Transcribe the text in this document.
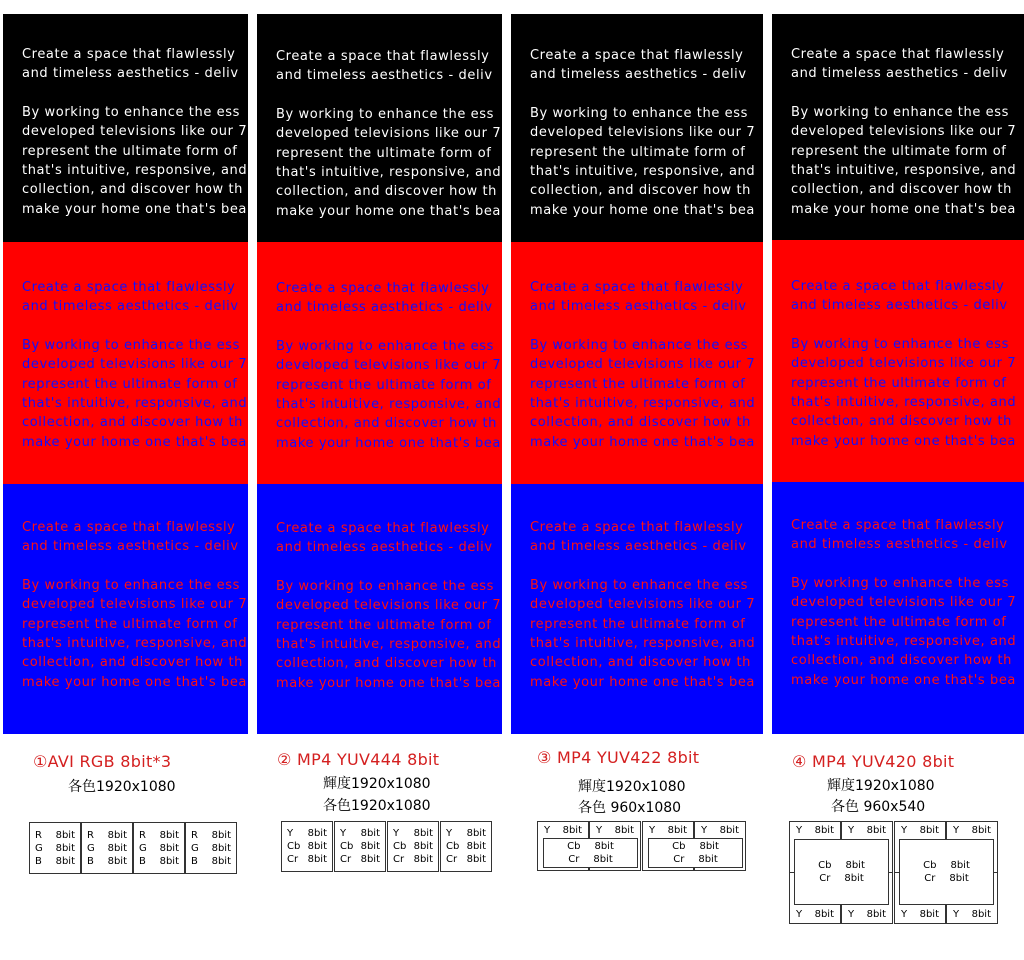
Create a space that flawlessly

and timeless aesthetics - deliv

By working to enhance the ess

developed televisions like our 7

represent the ultimate form of

that's intuitive, responsive, and

collection, and discover how th

make your home one that's bea

Create a space that flawlessly

and timeless aesthetics - deliv

By working to enhance the ess

developed televisions like our 7

represent the ultimate form of

that's intuitive, responsive, and

collection, and discover how th

make your home one that's bea

Create a space that flawlessly

and timeless aesthetics - deliv

By working to enhance the ess

developed televisions like our 7

represent the ultimate form of

that's intuitive, responsive, and

collection, and discover how th

make your home one that's bea

Create a space that flawlessly

and timeless aesthetics - deliv

By working to enhance the ess

developed televisions like our 7

represent the ultimate form of

that's intuitive, responsive, and

collection, and discover how th

make your home one that's bea

Create a space that flawlessly

and timeless aesthetics - deliv

By working to enhance the ess

developed televisions like our 7

represent the ultimate form of

that's intuitive, responsive, and

collection, and discover how th

make your home one that's bea

Create a space that flawlessly

and timeless aesthetics - deliv

By working to enhance the ess

developed televisions like our 7

represent the ultimate form of

that's intuitive, responsive, and

collection, and discover how th

make your home one that's bea

Create a space that flawlessly

and timeless aesthetics - deliv

By working to enhance the ess

developed televisions like our 7

represent the ultimate form of

that's intuitive, responsive, and

collection, and discover how th

make your home one that's bea

Create a space that flawlessly

and timeless aesthetics - deliv

By working to enhance the ess

developed televisions like our 7

represent the ultimate form of

that's intuitive, responsive, and

collection, and discover how th

make your home one that's bea

Create a space that flawlessly

and timeless aesthetics - deliv

By working to enhance the ess

developed televisions like our 7

represent the ultimate form of

that's intuitive, responsive, and

collection, and discover how th

make your home one that's bea

Create a space that flawlessly

and timeless aesthetics - deliv

By working to enhance the ess

developed televisions like our 7

represent the ultimate form of

that's intuitive, responsive, and

collection, and discover how th

make your home one that's bea

Create a space that flawlessly

and timeless aesthetics - deliv

By working to enhance the ess

developed televisions like our 7

represent the ultimate form of

that's intuitive, responsive, and

collection, and discover how th

make your home one that's bea

Create a space that flawlessly

and timeless aesthetics - deliv

By working to enhance the ess

developed televisions like our 7

represent the ultimate form of

that's intuitive, responsive, and

collection, and discover how th

make your home one that's bea

①AVI RGB 8bit*3
各色1920x1080
② MP4 YUV444 8bit
輝度1920x1080
各色1920x1080
③ MP4 YUV422 8bit
輝度1920x1080
各色 960x1080
④ MP4 YUV420 8bit
輝度1920x1080
各色 960x540
R 8bit
G 8bit
B 8bit
R 8bit
G 8bit
B 8bit
R 8bit
G 8bit
B 8bit
R 8bit
G 8bit
B 8bit
Y 8bit
Cb 8bit
Cr 8bit
Y 8bit
Cb 8bit
Cr 8bit
Y 8bit
Cb 8bit
Cr 8bit
Y 8bit
Cb 8bit
Cr 8bit
Y 8bit Y 8bit Y 8bit Y 8bit
Cb 8bit
Cr 8bit
Cb 8bit
Cr 8bit
Y 8bit Y 8bit Y 8bit Y 8bit
Y 8bit Y 8bit Y 8bit Y 8bit
Cb 8bit
Cr 8bit
Cb 8bit
Cr 8bit
